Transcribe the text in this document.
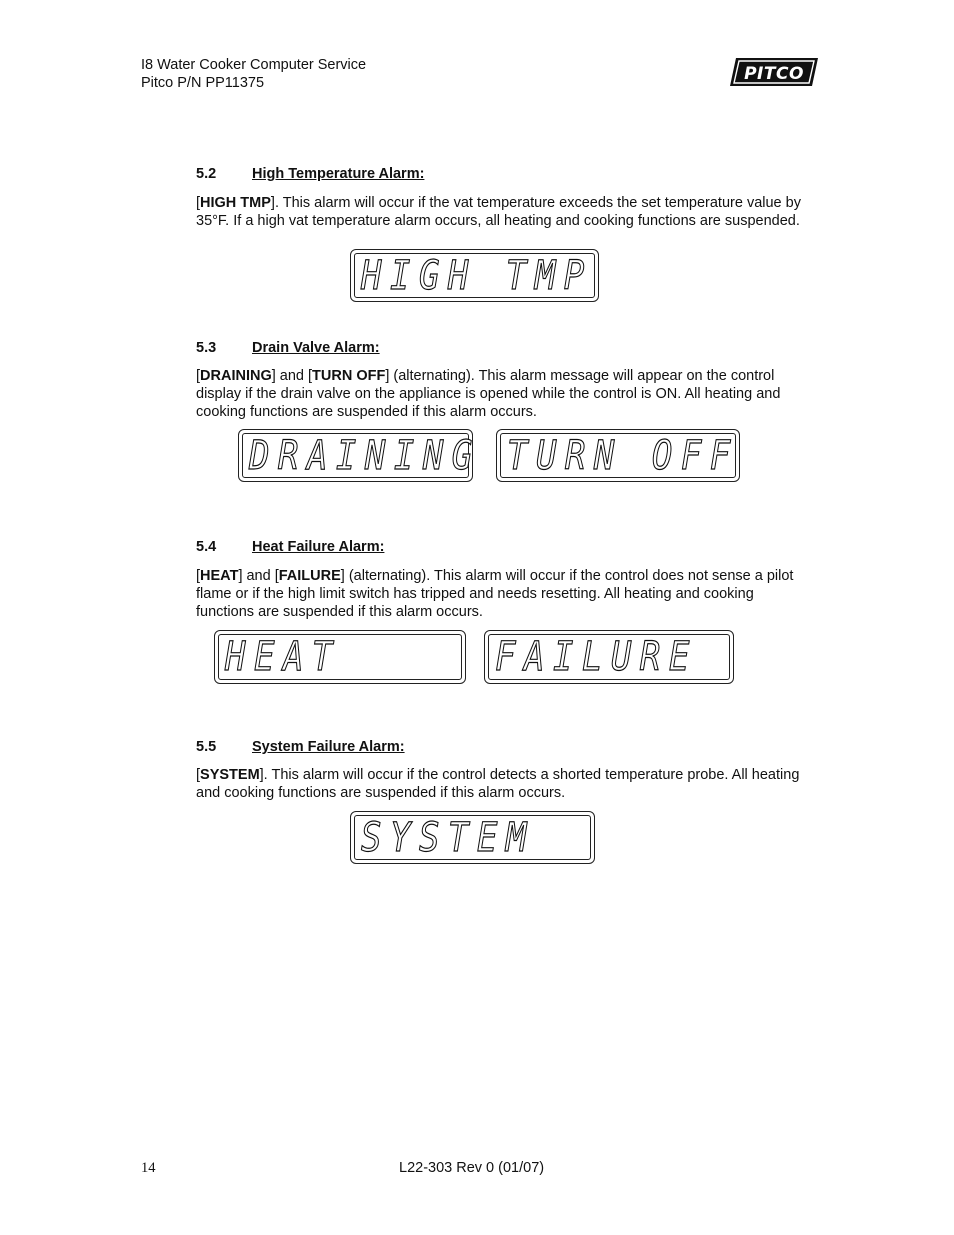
I8 Water Cooker Computer Service
Pitco P/N PP11375	PITCO
5.2 High Temperature Alarm:
[HIGH TMP]. This alarm will occur if the vat temperature exceeds the set temperature value by 35°F. If a high vat temperature alarm occurs, all heating and cooking functions are suspended.
HIGH TMP
5.3 Drain Valve Alarm:
[DRAINING] and [TURN OFF] (alternating). This alarm message will appear on the control display if the drain valve on the appliance is opened while the control is ON. All heating and cooking functions are suspended if this alarm occurs.
DRAINING TURN OFF
5.4 Heat Failure Alarm:
[HEAT] and [FAILURE] (alternating). This alarm will occur if the control does not sense a pilot flame or if the high limit switch has tripped and needs resetting. All heating and cooking functions are suspended if this alarm occurs.
HEAT	FAILURE
5.5 System Failure Alarm:
[SYSTEM]. This alarm will occur if the control detects a shorted temperature probe. All heating and cooking functions are suspended if this alarm occurs.
SYSTEM
14	L22-303 Rev 0 (01/07)
